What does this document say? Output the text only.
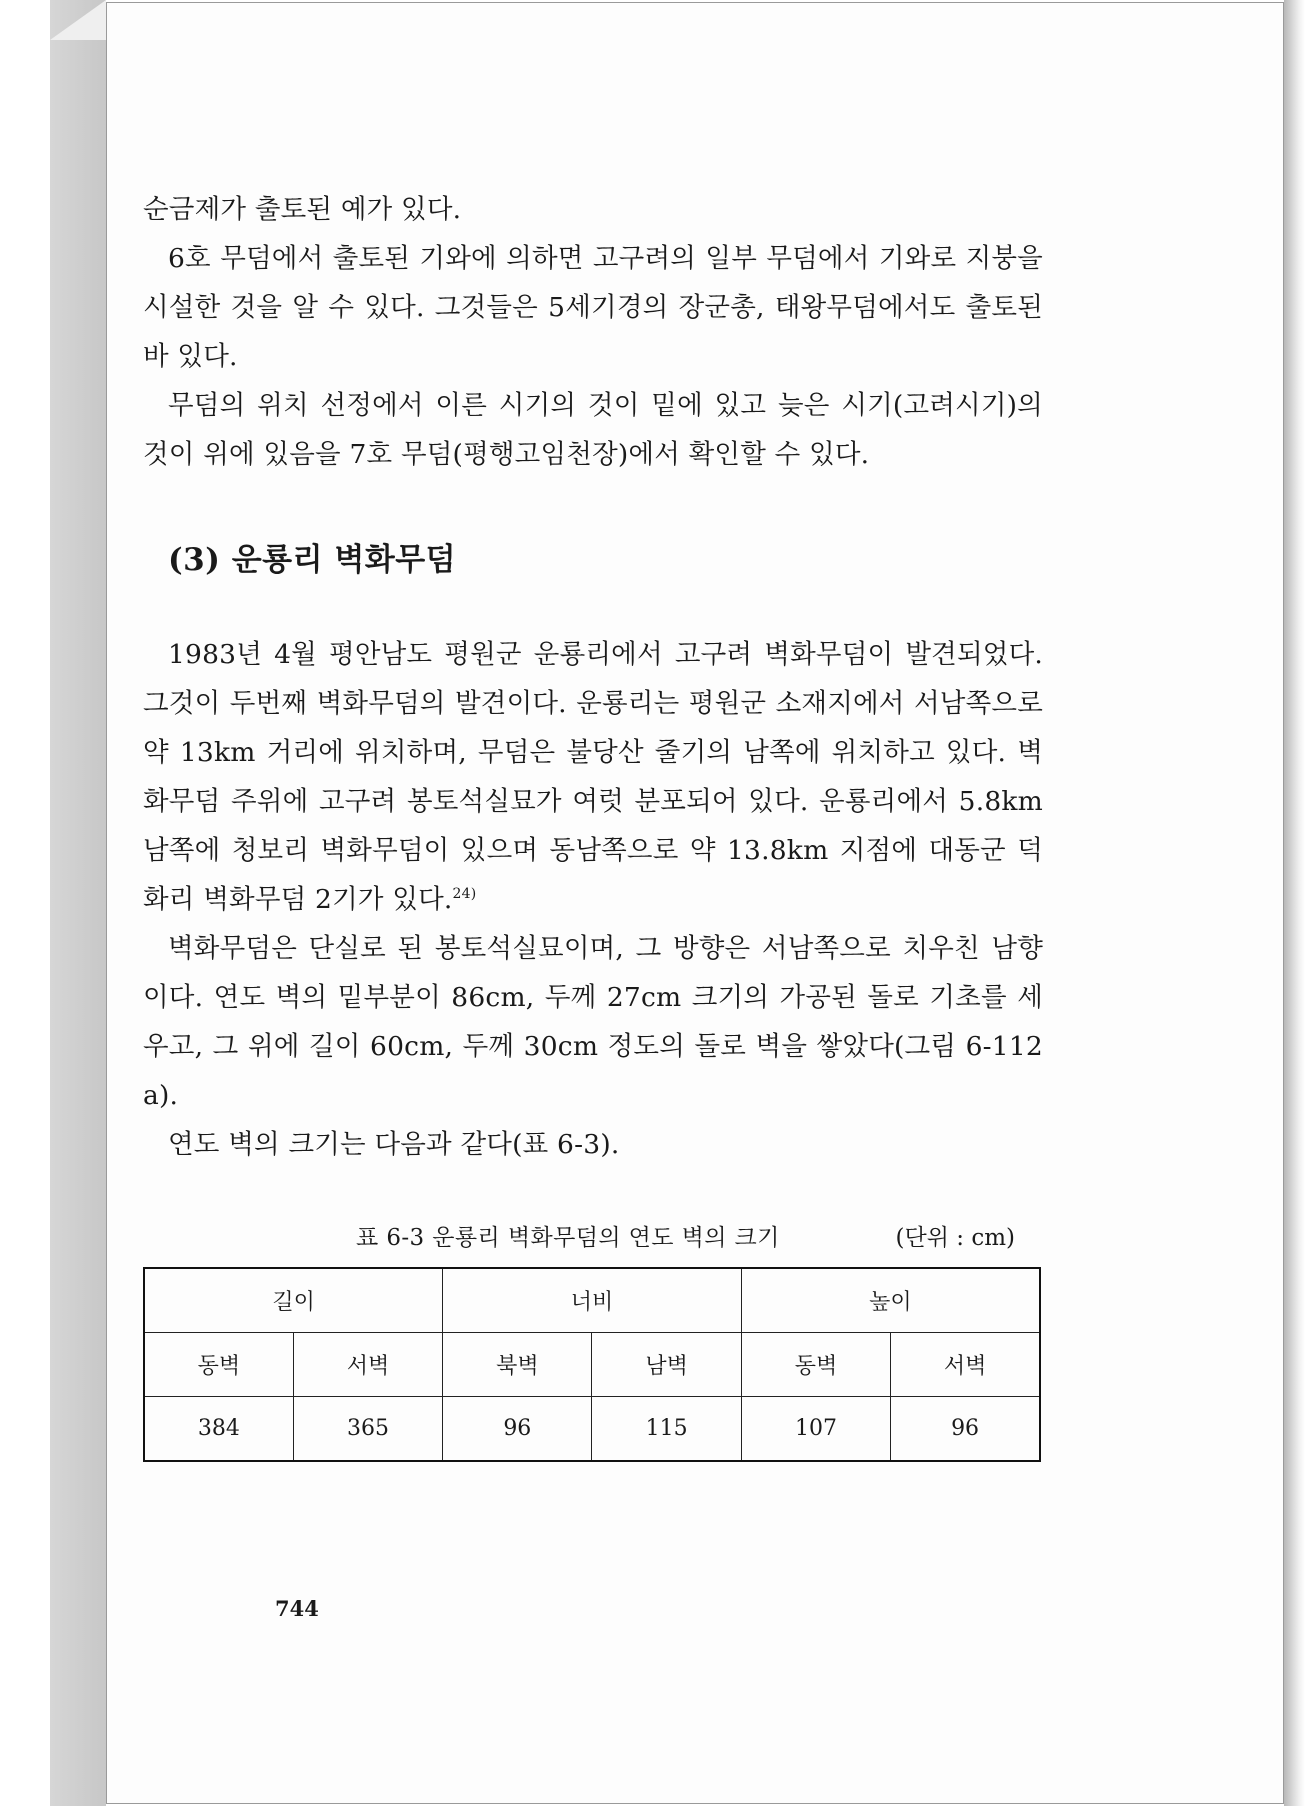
순금제가 출토된 예가 있다.

6호 무덤에서 출토된 기와에 의하면 고구려의 일부 무덤에서 기와로 지붕을 시설한 것을 알 수 있다. 그것들은 5세기경의 장군총, 태왕무덤에서도 출토된 바 있다.

무덤의 위치 선정에서 이른 시기의 것이 밑에 있고 늦은 시기(고려시기)의 것이 위에 있음을 7호 무덤(평행고임천장)에서 확인할 수 있다.

(3) 운룡리 벽화무덤

1983년 4월 평안남도 평원군 운룡리에서 고구려 벽화무덤이 발견되었다. 그것이 두번째 벽화무덤의 발견이다. 운룡리는 평원군 소재지에서 서남쪽으로 약 13km 거리에 위치하며, 무덤은 불당산 줄기의 남쪽에 위치하고 있다. 벽화무덤 주위에 고구려 봉토석실묘가 여럿 분포되어 있다. 운룡리에서 5.8km 남쪽에 청보리 벽화무덤이 있으며 동남쪽으로 약 13.8km 지점에 대동군 덕화리 벽화무덤 2기가 있다.$^{24)}$

벽화무덤은 단실로 된 봉토석실묘이며, 그 방향은 서남쪽으로 치우친 남향이다. 연도 벽의 밑부분이 86cm, 두께 27cm 크기의 가공된 돌로 기초를 세우고, 그 위에 길이 60cm, 두께 30cm 정도의 돌로 벽을 쌓았다(그림 6-112 a).

연도 벽의 크기는 다음과 같다(표 6-3).

표 6-3 운룡리 벽화무덤의 연도 벽의 크기	(단위 : cm)
길이		너비		높이	
동벽	서벽	북벽	남벽	동벽	서벽
384	365	96	115	107	96
744
